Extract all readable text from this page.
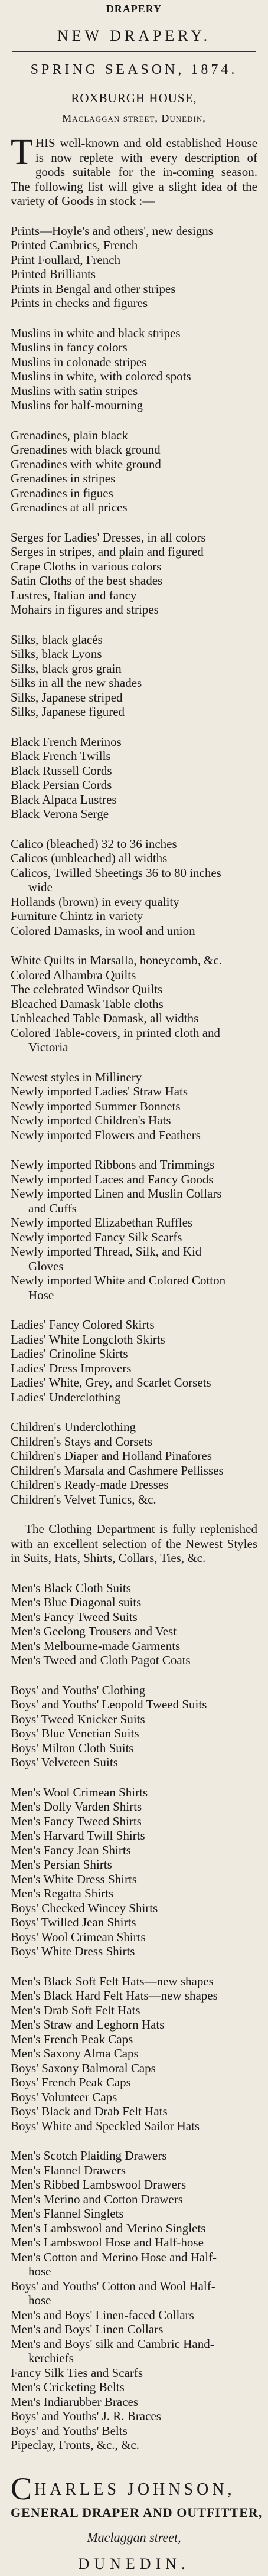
DRAPERY
NEW DRAPERY.
SPRING SEASON, 1874.
ROXBURGH HOUSE,
Maclaggan street, Dunedin,
T HIS well-known and old established House is now replete with every description of goods suitable for the in-coming season. The following list will give a slight idea of the variety of Goods in stock :—
Prints—Hoyle's and others', new designs
Printed Cambrics, French
Print Foullard, French
Printed Brilliants
Prints in Bengal and other stripes
Prints in checks and figures
Muslins in white and black stripes
Muslins in fancy colors
Muslins in colonade stripes
Muslins in white, with colored spots
Muslins with satin stripes
Muslins for half-mourning
Grenadines, plain black
Grenadines with black ground
Grenadines with white ground
Grenadines in stripes
Grenadines in figues
Grenadines at all prices
Serges for Ladies' Dresses, in all colors
Serges in stripes, and plain and figured
Crape Cloths in various colors
Satin Cloths of the best shades
Lustres, Italian and fancy
Mohairs in figures and stripes
Silks, black glacés
Silks, black Lyons
Silks, black gros grain
Silks in all the new shades
Silks, Japanese striped
Silks, Japanese figured
Black French Merinos
Black French Twills
Black Russell Cords
Black Persian Cords
Black Alpaca Lustres
Black Verona Serge
Calico (bleached) 32 to 36 inches
Calicos (unbleached) all widths
Calicos, Twilled Sheetings 36 to 80 inches
wide
Hollands (brown) in every quality
Furniture Chintz in variety
Colored Damasks, in wool and union
White Quilts in Marsalla, honeycomb, &c.
Colored Alhambra Quilts
The celebrated Windsor Quilts
Bleached Damask Table cloths
Unbleached Table Damask, all widths
Colored Table-covers, in printed cloth and
Victoria
Newest styles in Millinery
Newly imported Ladies' Straw Hats
Newly imported Summer Bonnets
Newly imported Children's Hats
Newly imported Flowers and Feathers
Newly imported Ribbons and Trimmings
Newly imported Laces and Fancy Goods
Newly imported Linen and Muslin Collars
and Cuffs
Newly imported Elizabethan Ruffles
Newly imported Fancy Silk Scarfs
Newly imported Thread, Silk, and Kid
Gloves
Newly imported White and Colored Cotton
Hose
Ladies' Fancy Colored Skirts
Ladies' White Longcloth Skirts
Ladies' Crinoline Skirts
Ladies' Dress Improvers
Ladies' White, Grey, and Scarlet Corsets
Ladies' Underclothing
Children's Underclothing
Children's Stays and Corsets
Children's Diaper and Holland Pinafores
Children's Marsala and Cashmere Pellisses
Children's Ready-made Dresses
Children's Velvet Tunics, &c.
The Clothing Department is fully replenished with an excellent selection of the Newest Styles in Suits, Hats, Shirts, Collars, Ties, &c.
Men's Black Cloth Suits
Men's Blue Diagonal suits
Men's Fancy Tweed Suits
Men's Geelong Trousers and Vest
Men's Melbourne-made Garments
Men's Tweed and Cloth Pagot Coats
Boys' and Youths' Clothing
Boys' and Youths' Leopold Tweed Suits
Boys' Tweed Knicker Suits
Boys' Blue Venetian Suits
Boys' Milton Cloth Suits
Boys' Velveteen Suits
Men's Wool Crimean Shirts
Men's Dolly Varden Shirts
Men's Fancy Tweed Shirts
Men's Harvard Twill Shirts
Men's Fancy Jean Shirts
Men's Persian Shirts
Men's White Dress Shirts
Men's Regatta Shirts
Boys' Checked Wincey Shirts
Boys' Twilled Jean Shirts
Boys' Wool Crimean Shirts
Boys' White Dress Shirts
Men's Black Soft Felt Hats—new shapes
Men's Black Hard Felt Hats—new shapes
Men's Drab Soft Felt Hats
Men's Straw and Leghorn Hats
Men's French Peak Caps
Men's Saxony Alma Caps
Boys' Saxony Balmoral Caps
Boys' French Peak Caps
Boys' Volunteer Caps
Boys' Black and Drab Felt Hats
Boys' White and Speckled Sailor Hats
Men's Scotch Plaiding Drawers
Men's Flannel Drawers
Men's Ribbed Lambswool Drawers
Men's Merino and Cotton Drawers
Men's Flannel Singlets
Men's Lambswool and Merino Singlets
Men's Lambswool Hose and Half-hose
Men's Cotton and Merino Hose and Half-
hose
Boys' and Youths' Cotton and Wool Half-
hose
Men's and Boys' Linen-faced Collars
Men's and Boys' Linen Collars
Men's and Boys' silk and Cambric Hand-
kerchiefs
Fancy Silk Ties and Scarfs
Men's Cricketing Belts
Men's Indiarubber Braces
Boys' and Youths' J. R. Braces
Boys' and Youths' Belts
Pipeclay, Fronts, &c., &c.
CHARLES JOHNSON,
GENERAL DRAPER AND OUTFITTER,
Maclaggan street,
DUNEDIN.
